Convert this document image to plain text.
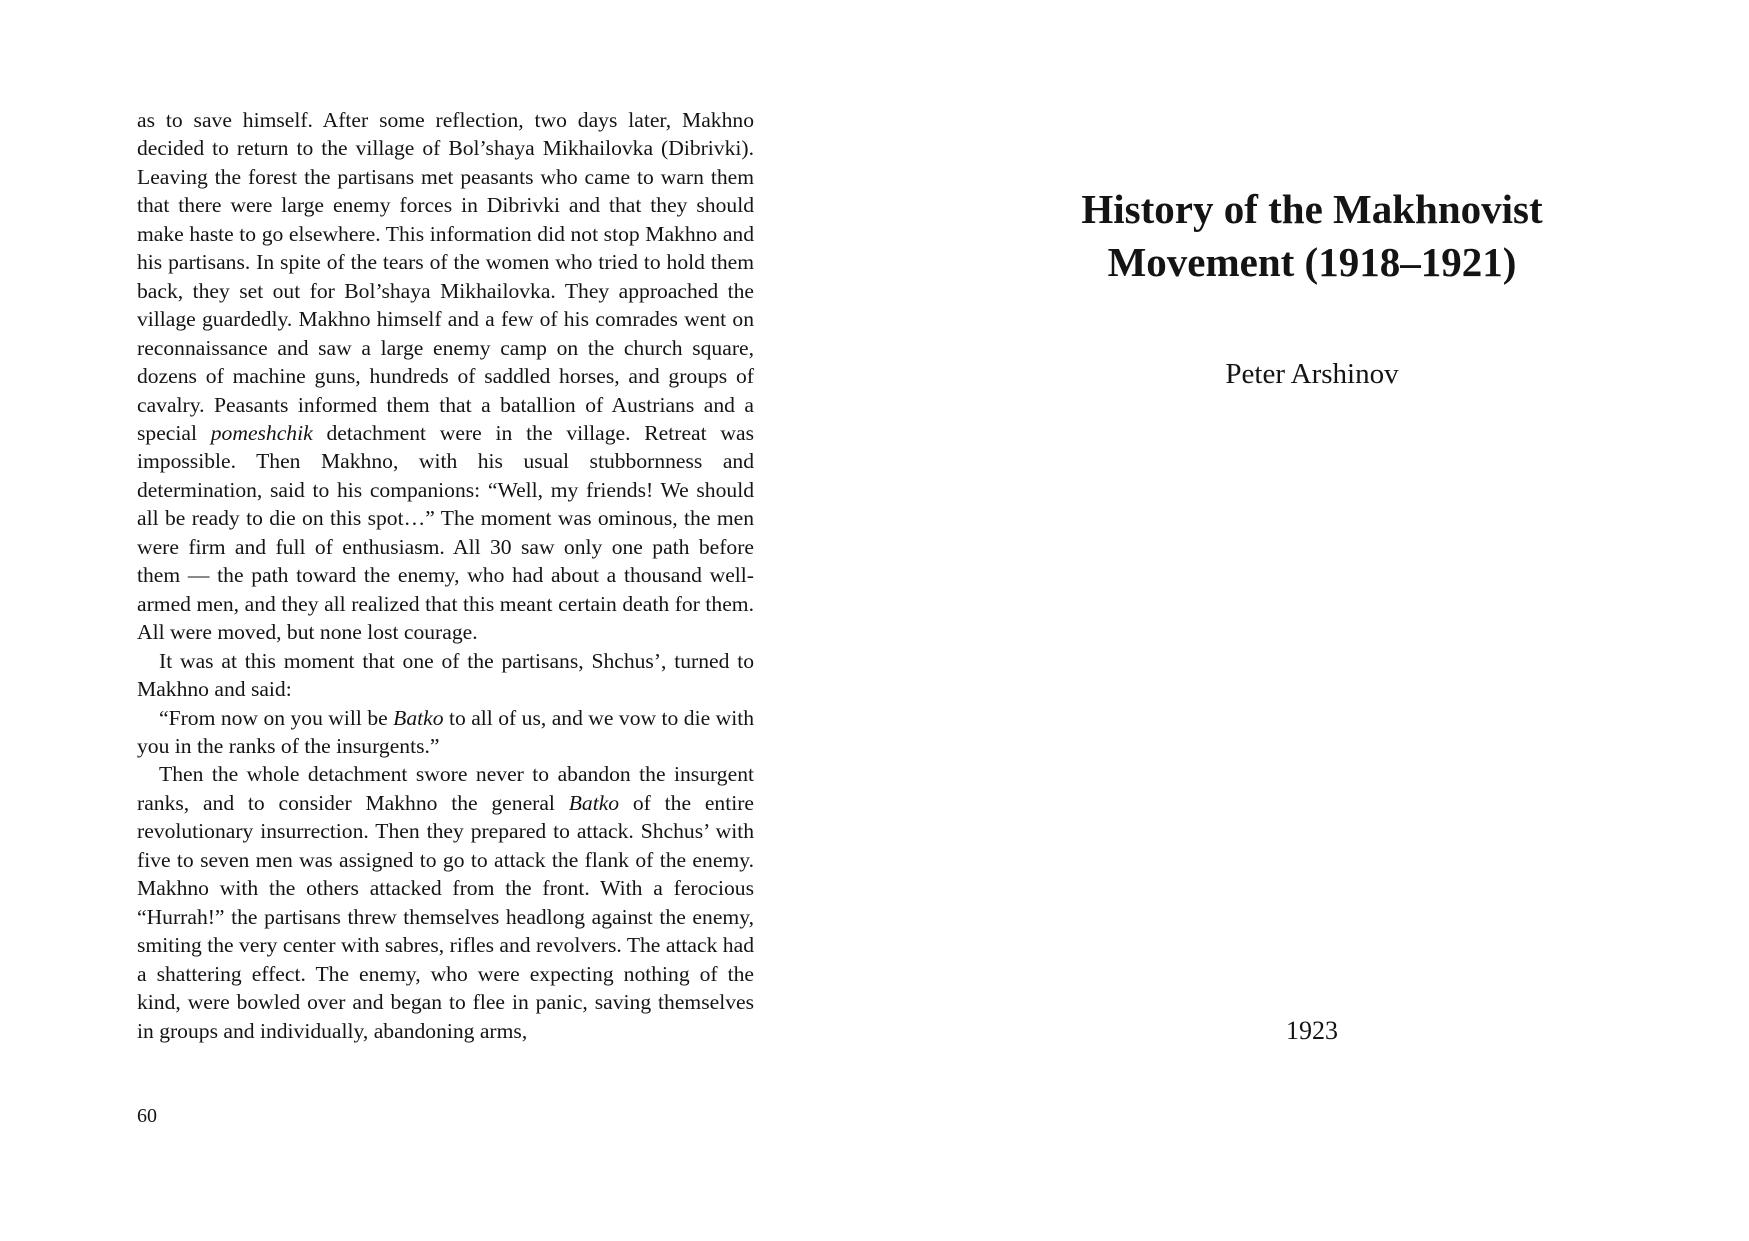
as to save himself. After some reflection, two days later, Makhno decided to return to the village of Bol’shaya Mikhailovka (Dibrivki). Leaving the forest the partisans met peasants who came to warn them that there were large enemy forces in Dibrivki and that they should make haste to go elsewhere. This information did not stop Makhno and his partisans. In spite of the tears of the women who tried to hold them back, they set out for Bol’shaya Mikhailovka. They approached the village guardedly. Makhno himself and a few of his comrades went on reconnaissance and saw a large enemy camp on the church square, dozens of machine guns, hundreds of saddled horses, and groups of cavalry. Peasants informed them that a batallion of Austrians and a special pomeshchik detachment were in the village. Retreat was impossible. Then Makhno, with his usual stubbornness and determination, said to his companions: “Well, my friends! We should all be ready to die on this spot…” The moment was ominous, the men were firm and full of enthusiasm. All 30 saw only one path before them — the path toward the enemy, who had about a thousand well-armed men, and they all realized that this meant certain death for them. All were moved, but none lost courage.

It was at this moment that one of the partisans, Shchus’, turned to Makhno and said:

“From now on you will be Batko to all of us, and we vow to die with you in the ranks of the insurgents.”

Then the whole detachment swore never to abandon the insurgent ranks, and to consider Makhno the general Batko of the entire revolutionary insurrection. Then they prepared to attack. Shchus’ with five to seven men was assigned to go to attack the flank of the enemy. Makhno with the others attacked from the front. With a ferocious “Hurrah!” the partisans threw themselves headlong against the enemy, smiting the very center with sabres, rifles and revolvers. The attack had a shattering effect. The enemy, who were expecting nothing of the kind, were bowled over and began to flee in panic, saving themselves in groups and individually, abandoning arms,

60
History of the Makhnovist Movement (1918–1921)
Peter Arshinov
1923
